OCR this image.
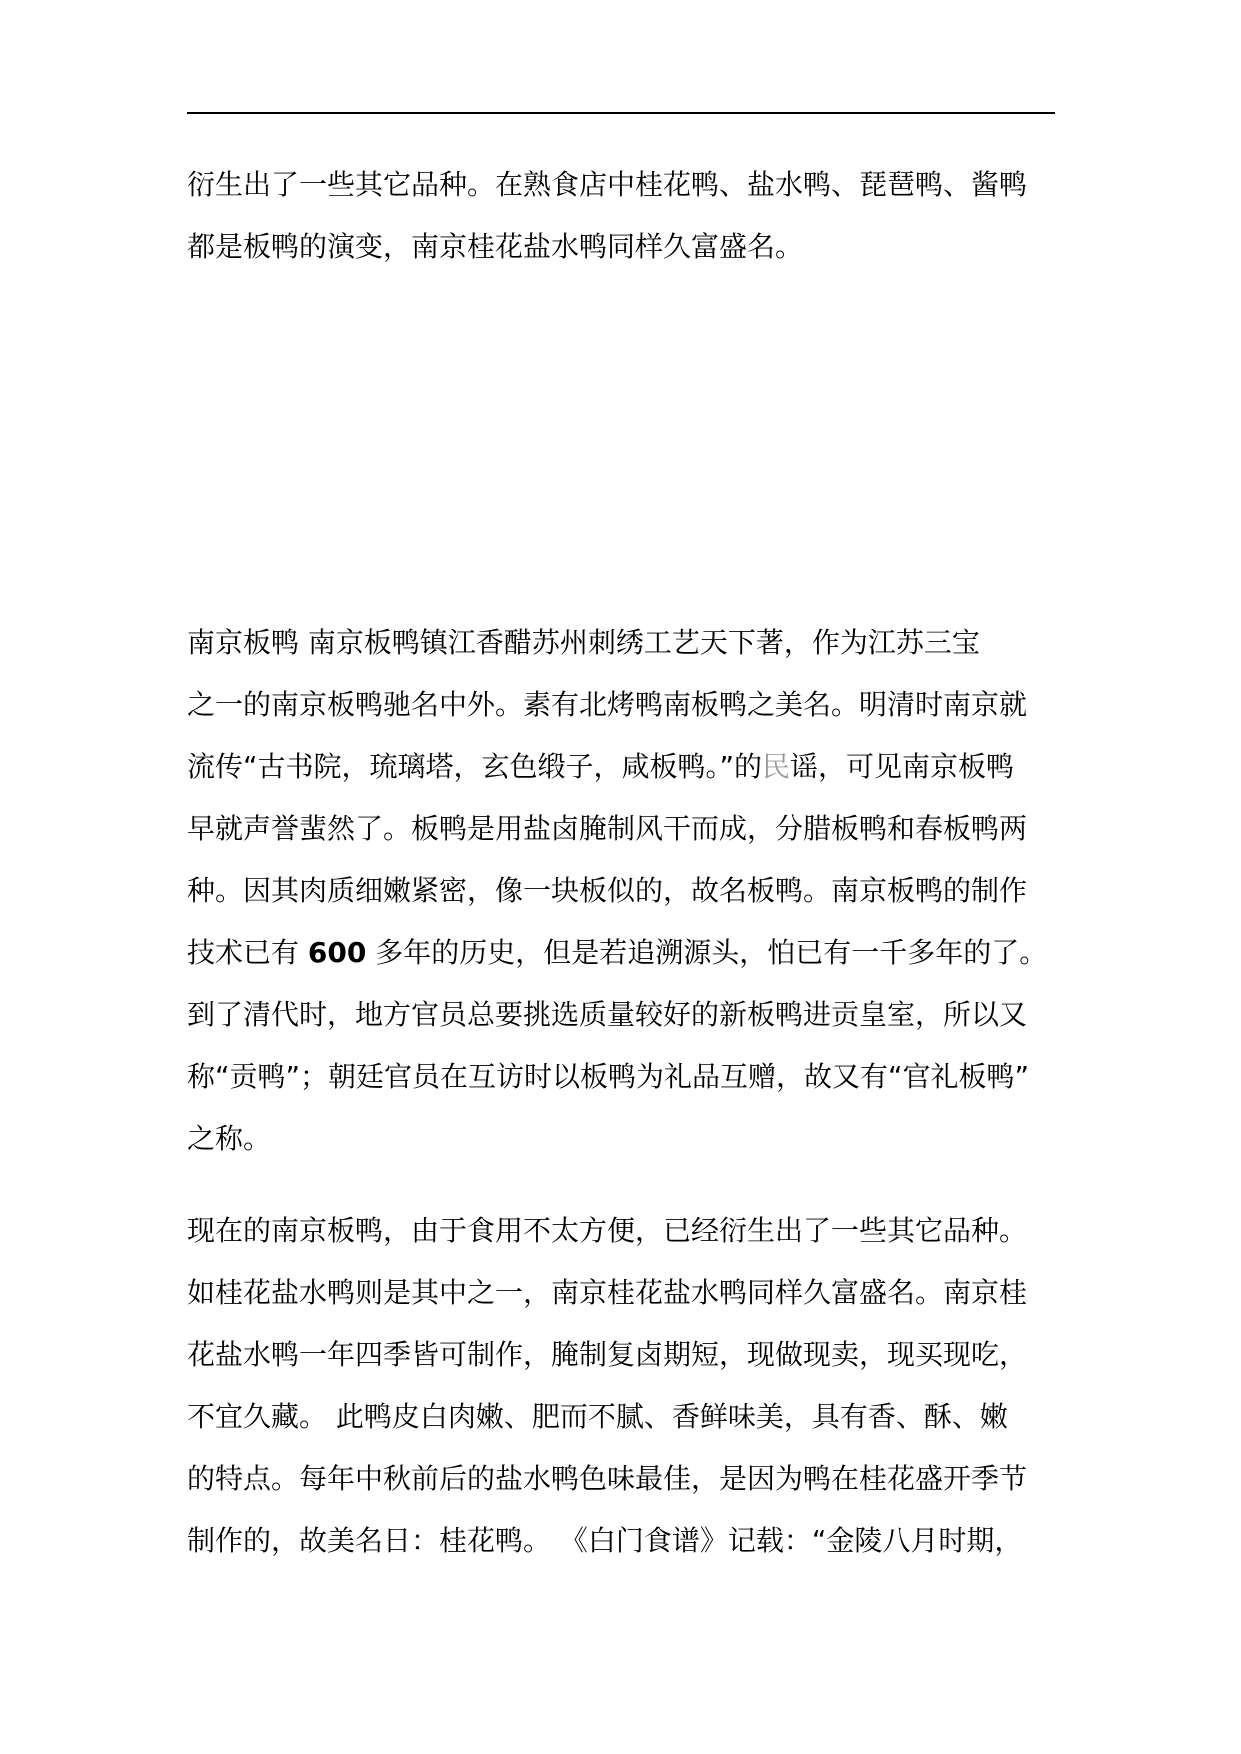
衍生出了一些其它品种。在熟食店中桂花鸭、盐水鸭、琵琶鸭、酱鸭
都是板鸭的演变，南京桂花盐水鸭同样久富盛名。
南京板鸭 南京板鸭镇江香醋苏州刺绣工艺天下著，作为江苏三宝
之一的南京板鸭驰名中外。素有北烤鸭南板鸭之美名。明清时南京就
流传“古书院，琉璃塔，玄色缎子，咸板鸭。”的民谣，可见南京板鸭
早就声誉蜚然了。板鸭是用盐卤腌制风干而成，分腊板鸭和春板鸭两
种。因其肉质细嫩紧密，像一块板似的，故名板鸭。南京板鸭的制作
技术已有 600 多年的历史，但是若追溯源头，怕已有一千多年的了。
到了清代时，地方官员总要挑选质量较好的新板鸭进贡皇室，所以又
称“贡鸭”；朝廷官员在互访时以板鸭为礼品互赠，故又有“官礼板鸭”
之称。
现在的南京板鸭，由于食用不太方便，已经衍生出了一些其它品种。
如桂花盐水鸭则是其中之一，南京桂花盐水鸭同样久富盛名。南京桂
花盐水鸭一年四季皆可制作，腌制复卤期短，现做现卖，现买现吃，
不宜久藏。 此鸭皮白肉嫩、肥而不腻、香鲜味美，具有香、酥、嫩
的特点。每年中秋前后的盐水鸭色味最佳，是因为鸭在桂花盛开季节
制作的，故美名日：桂花鸭。 《白门食谱》记载：“金陵八月时期，
